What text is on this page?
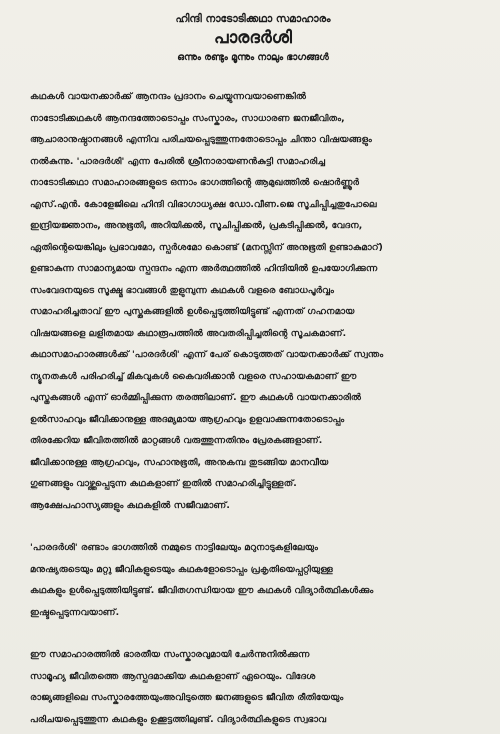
ഹിന്ദി നാടോടിക്കഥാ സമാഹാരം

പാരദർശി

ഒന്നും രണ്ടും മൂന്നും നാലും ഭാഗങ്ങൾ

കഥകൾ വായനക്കാർക്ക് ആനന്ദം പ്രദാനം ചെയ്യുന്നവയാണെങ്കിൽ

നാടോടിക്കഥകൾ ആനന്ദത്തോടൊപ്പം സംസ്കാരം, സാധാരണ ജനജീവിതം,

ആചാരാനുഷ്ഠാനങ്ങൾ എന്നിവ പരിചയപ്പെടുത്തുന്നതോടൊപ്പം ചിന്താ വിഷയങ്ങളും

നൽകുന്നു. 'പാരദർശി' എന്ന പേരിൽ ശ്രീനാരായണൻകുട്ടി സമാഹരിച്ച

നാടോടിക്കഥാ സമാഹാരങ്ങളുടെ ഒന്നാം ഭാഗത്തിന്റെ ആമുഖത്തിൽ ഷൊർണ്ണൂർ

എസ്.എൻ. കോളേജിലെ ഹിന്ദി വിഭാഗാധ്യക്ഷ ഡോ.വീണ.ജെ സൂചിപ്പിച്ചതുപോലെ

ഇന്ദ്രിയജ്ഞാനം, അനുഭൂതി, അറിയിക്കൽ, സൂചിപ്പിക്കൽ, പ്രകടിപ്പിക്കൽ, വേദന,

ഏതിന്റെയെങ്കിലും പ്രഭാവമോ, സ്പർശമോ കൊണ്ട് (മനസ്സിന് അനുഭൂതി ഉണ്ടാകുമാറ്)

ഉണ്ടാകുന്ന സാമാന്യമായ സ്പന്ദനം എന്ന അർത്ഥത്തിൽ ഹിന്ദിയിൽ ഉപയോഗിക്കുന്ന

സംവേദനയുടെ സൂക്ഷ്മ ഭാവങ്ങൾ തുളുമ്പുന്ന കഥകൾ വളരെ ബോധപൂർവ്വം

സമാഹരിച്ചതാവ് ഈ പുസ്തകങ്ങളിൽ ഉൾപ്പെടുത്തിയിട്ടുണ്ട് എന്നത് ഗഹനമായ

വിഷയങ്ങളെ ലളിതമായ കഥാരൂപത്തിൽ അവതരിപ്പിച്ചതിന്റെ സൂചകമാണ്.

കഥാസമാഹാരങ്ങൾക്ക് 'പാരദർശി' എന്ന് പേര് കൊടുത്തത് വായനക്കാർക്ക് സ്വന്തം

ന്യൂനതകൾ പരിഹരിച്ച് മികവുകൾ കൈവരിക്കാൻ വളരെ സഹായകമാണ് ഈ

പുസ്തകങ്ങൾ എന്ന് ഓർമ്മിപ്പിക്കുന്ന തരത്തിലാണ്. ഈ കഥകൾ വായനക്കാരിൽ

ഉൽസാഹവും ജീവിക്കാനുള്ള അദമ്യമായ ആഗ്രഹവും ഉളവാക്കുന്നതോടൊപ്പം

തിരക്കേറിയ ജീവിതത്തിൽ മാറ്റങ്ങൾ വരുത്തുന്നതിനും പ്രേരകങ്ങളാണ്.

ജീവിക്കാനുള്ള ആഗ്രഹവും, സഹാനുഭൂതി, അനുകമ്പ തുടങ്ങിയ മാനവീയ

ഗുണങ്ങളും വാഴ്ത്തപ്പെടുന്ന കഥകളാണ് ഇതിൽ സമാഹരിച്ചിട്ടുള്ളത്.

ആക്ഷേപഹാസ്യങ്ങളും കഥകളിൽ സജീവമാണ്.

'പാരദർശി' രണ്ടാം ഭാഗത്തിൽ നമ്മുടെ നാട്ടിലേയും മറുനാടുകളിലേയും

മനുഷ്യരുടെയും മറ്റു ജീവികളുടെയും കഥകളോടൊപ്പം പ്രകൃതിയെപ്പറ്റിയുള്ള

കഥകളും ഉൾപ്പെടുത്തിയിട്ടുണ്ട്. ജീവിതഗന്ധിയായ ഈ കഥകൾ വിദ്യാർത്ഥികൾക്കും

ഇഷ്ടപ്പെടുന്നവയാണ്.

ഈ സമാഹാരത്തിൽ ഭാരതീയ സംസ്കാരവുമായി ചേർന്നുനിൽക്കുന്ന

സാമൂഹ്യ ജീവിതത്തെ ആസ്പദമാക്കിയ കഥകളാണ് ഏറെയും. വിദേശ

രാജ്യങ്ങളിലെ സംസ്കാരത്തേയുംഅവിടുത്തെ ജനങ്ങളുടെ ജീവിത രീതിയേയും

പരിചയപ്പെടുത്തുന്ന കഥകളും ഉക്കൂട്ടത്തിലുണ്ട്. വിദ്യാർത്ഥികളുടെ സ്വഭാവ
